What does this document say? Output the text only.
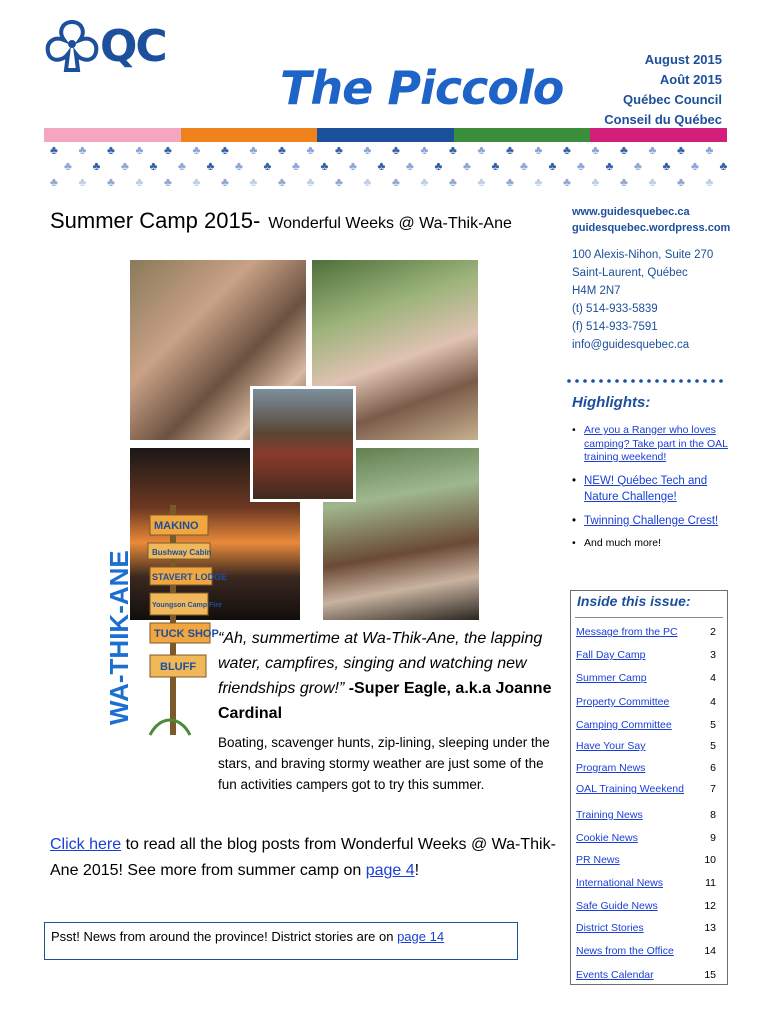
QC
The Piccolo
August 2015
Août 2015
Québec Council
Conseil du Québec
♣ ♣ ♣ ♣ ♣ ♣ ♣ ♣ ♣ ♣ ♣ ♣ ♣ ♣ ♣ ♣ ♣ ♣ ♣ ♣ ♣ ♣ ♣ ♣
♣ ♣ ♣ ♣ ♣ ♣ ♣ ♣ ♣ ♣ ♣ ♣ ♣ ♣ ♣ ♣ ♣ ♣ ♣ ♣ ♣ ♣ ♣ ♣
♣ ♣ ♣ ♣ ♣ ♣ ♣ ♣ ♣ ♣ ♣ ♣ ♣ ♣ ♣ ♣ ♣ ♣ ♣ ♣ ♣ ♣ ♣ ♣
Summer Camp 2015- Wonderful Weeks @ Wa-Thik-Ane
WA-THIK-ANE
MAKINO
Bushway Cabin
STAVERT LODGE
Youngson Camp Fire
TUCK SHOP
BLUFF
“Ah, summertime at Wa-Thik-Ane, the lapping water, campfires, singing and watching new friendships grow!” -Super Eagle, a.k.a Joanne Cardinal
Boating, scavenger hunts, zip-lining, sleeping under the stars, and braving stormy weather are just some of the fun activities campers got to try this summer.
Click here to read all the blog posts from Wonderful Weeks @ Wa-Thik-Ane 2015! See more from summer camp on page 4!
Psst! News from around the province! District stories are on page 14
www.guidesquebec.ca
guidesquebec.wordpress.com
100 Alexis-Nihon, Suite 270
Saint-Laurent, Québec
H4M 2N7
(t) 514-933-5839
(f) 514-933-7591
info@guidesquebec.ca
Highlights:
• Are you a Ranger who loves camping? Take part in the OAL training weekend!
• NEW! Québec Tech and Nature Challenge!
• Twinning Challenge Crest!
• And much more!
Inside this issue:
Message from the PC	2
Fall Day Camp	3
Summer Camp	4
Property Committee	4
Camping Committee	5
Have Your Say	5
Program News	6
OAL Training Weekend 7
Training News	8
Cookie News	9
PR News	10
International News	11
Safe Guide News	12
District Stories	13
News from the Office	14
Events Calendar	15
